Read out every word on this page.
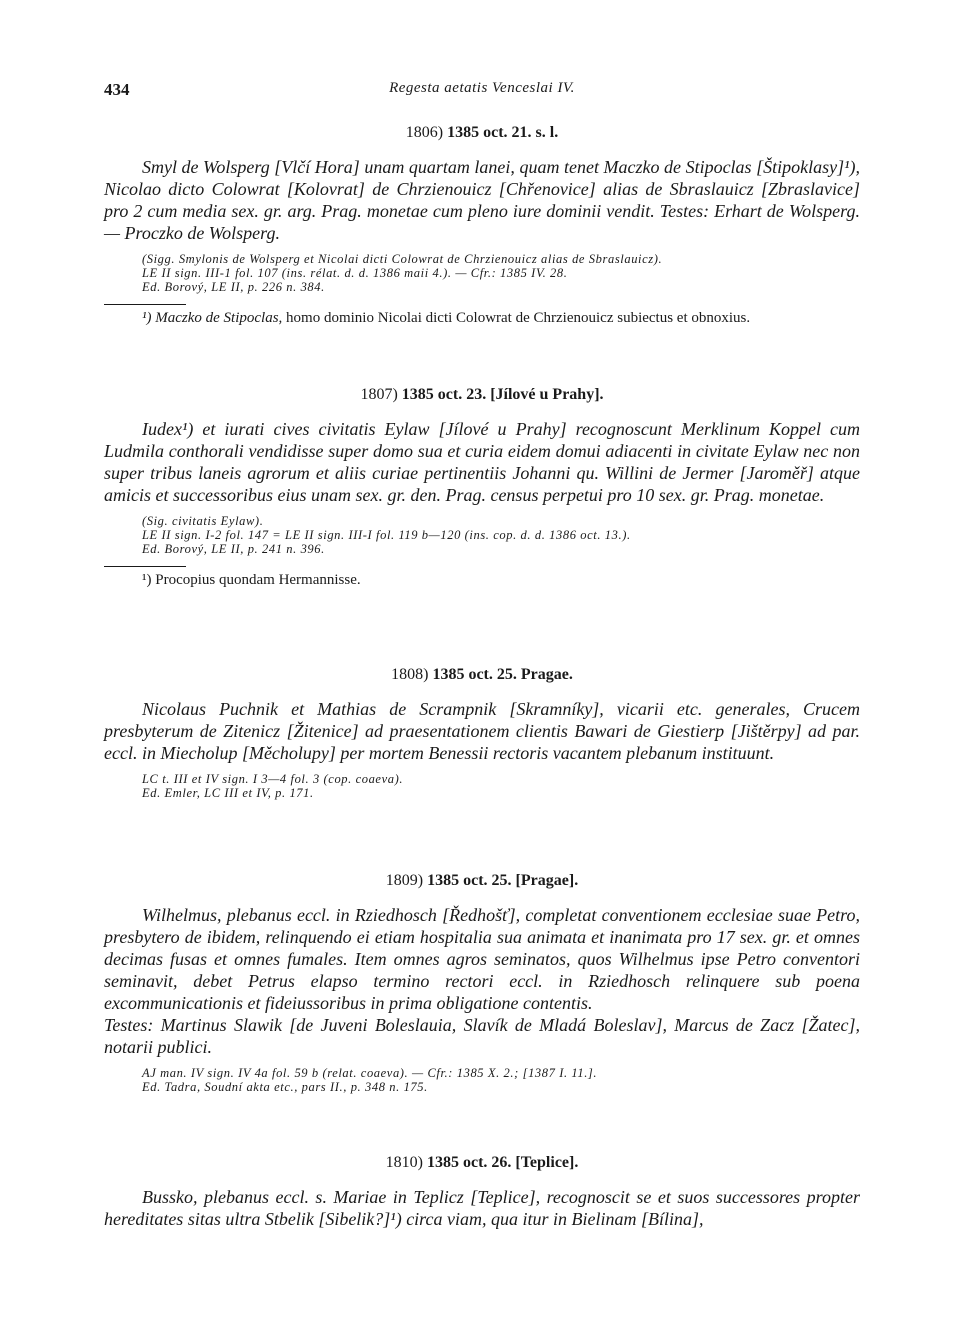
434	Regesta aetatis Venceslai IV.

1806) 1385 oct. 21. s. l.

Smyl de Wolsperg [Vlčí Hora] unam quartam lanei, quam tenet Maczko de Stipoclas [Štipoklasy]¹), Nicolao dicto Colowrat [Kolovrat] de Chrzienouicz [Chřenovice] alias de Sbraslauicz [Zbraslavice] pro 2 cum media sex. gr. arg. Prag. monetae cum pleno iure dominii vendit. Testes: Erhart de Wolsperg. — Proczko de Wolsperg.

(Sigg. Smylonis de Wolsperg et Nicolai dicti Colowrat de Chrzienouicz alias de Sbraslauicz).

LE II sign. III-1 fol. 107 (ins. rélat. d. d. 1386 maii 4.). — Cfr.: 1385 IV. 28.

Ed. Borový, LE II, p. 226 n. 384.

¹) Maczko de Stipoclas, homo dominio Nicolai dicti Colowrat de Chrzienouicz subiectus et obnoxius.

1807) 1385 oct. 23. [Jílové u Prahy].

Iudex¹) et iurati cives civitatis Eylaw [Jílové u Prahy] recognoscunt Merklinum Koppel cum Ludmila conthorali vendidisse super domo sua et curia eidem domui adiacenti in civitate Eylaw nec non super tribus laneis agrorum et aliis curiae pertinentiis Johanni qu. Willini de Jermer [Jaroměř] atque amicis et successoribus eius unam sex. gr. den. Prag. census perpetui pro 10 sex. gr. Prag. monetae.

(Sig. civitatis Eylaw).

LE II sign. I-2 fol. 147 = LE II sign. III-I fol. 119 b—120 (ins. cop. d. d. 1386 oct. 13.).

Ed. Borový, LE II, p. 241 n. 396.

¹) Procopius quondam Hermannisse.

1808) 1385 oct. 25. Pragae.

Nicolaus Puchnik et Mathias de Scrampnik [Skramníky], vicarii etc. generales, Crucem presbyterum de Zitenicz [Žitenice] ad praesentationem clientis Bawari de Giestierp [Jištěrpy] ad par. eccl. in Miecholup [Měcholupy] per mortem Benessii rectoris vacantem plebanum instituunt.

LC t. III et IV sign. I 3—4 fol. 3 (cop. coaeva).

Ed. Emler, LC III et IV, p. 171.

1809) 1385 oct. 25. [Pragae].

Wilhelmus, plebanus eccl. in Rziedhosch [Ředhošť], completat conventionem ecclesiae suae Petro, presbytero de ibidem, relinquendo ei etiam hospitalia sua animata et inanimata pro 17 sex. gr. et omnes decimas fusas et omnes fumales. Item omnes agros seminatos, quos Wilhelmus ipse Petro conventori seminavit, debet Petrus elapso termino rectori eccl. in Rziedhosch relinquere sub poena excommunicationis et fideiussoribus in prima obligatione contentis.

Testes: Martinus Slawik [de Juveni Boleslauia, Slavík de Mladá Boleslav], Marcus de Zacz [Žatec], notarii publici.

AJ man. IV sign. IV 4a fol. 59 b (relat. coaeva). — Cfr.: 1385 X. 2.; [1387 I. 11.].

Ed. Tadra, Soudní akta etc., pars II., p. 348 n. 175.

1810) 1385 oct. 26. [Teplice].

Bussko, plebanus eccl. s. Mariae in Teplicz [Teplice], recognoscit se et suos successores propter hereditates sitas ultra Stbelik [Sibelik?]¹) circa viam, qua itur in Bielinam [Bílina],
